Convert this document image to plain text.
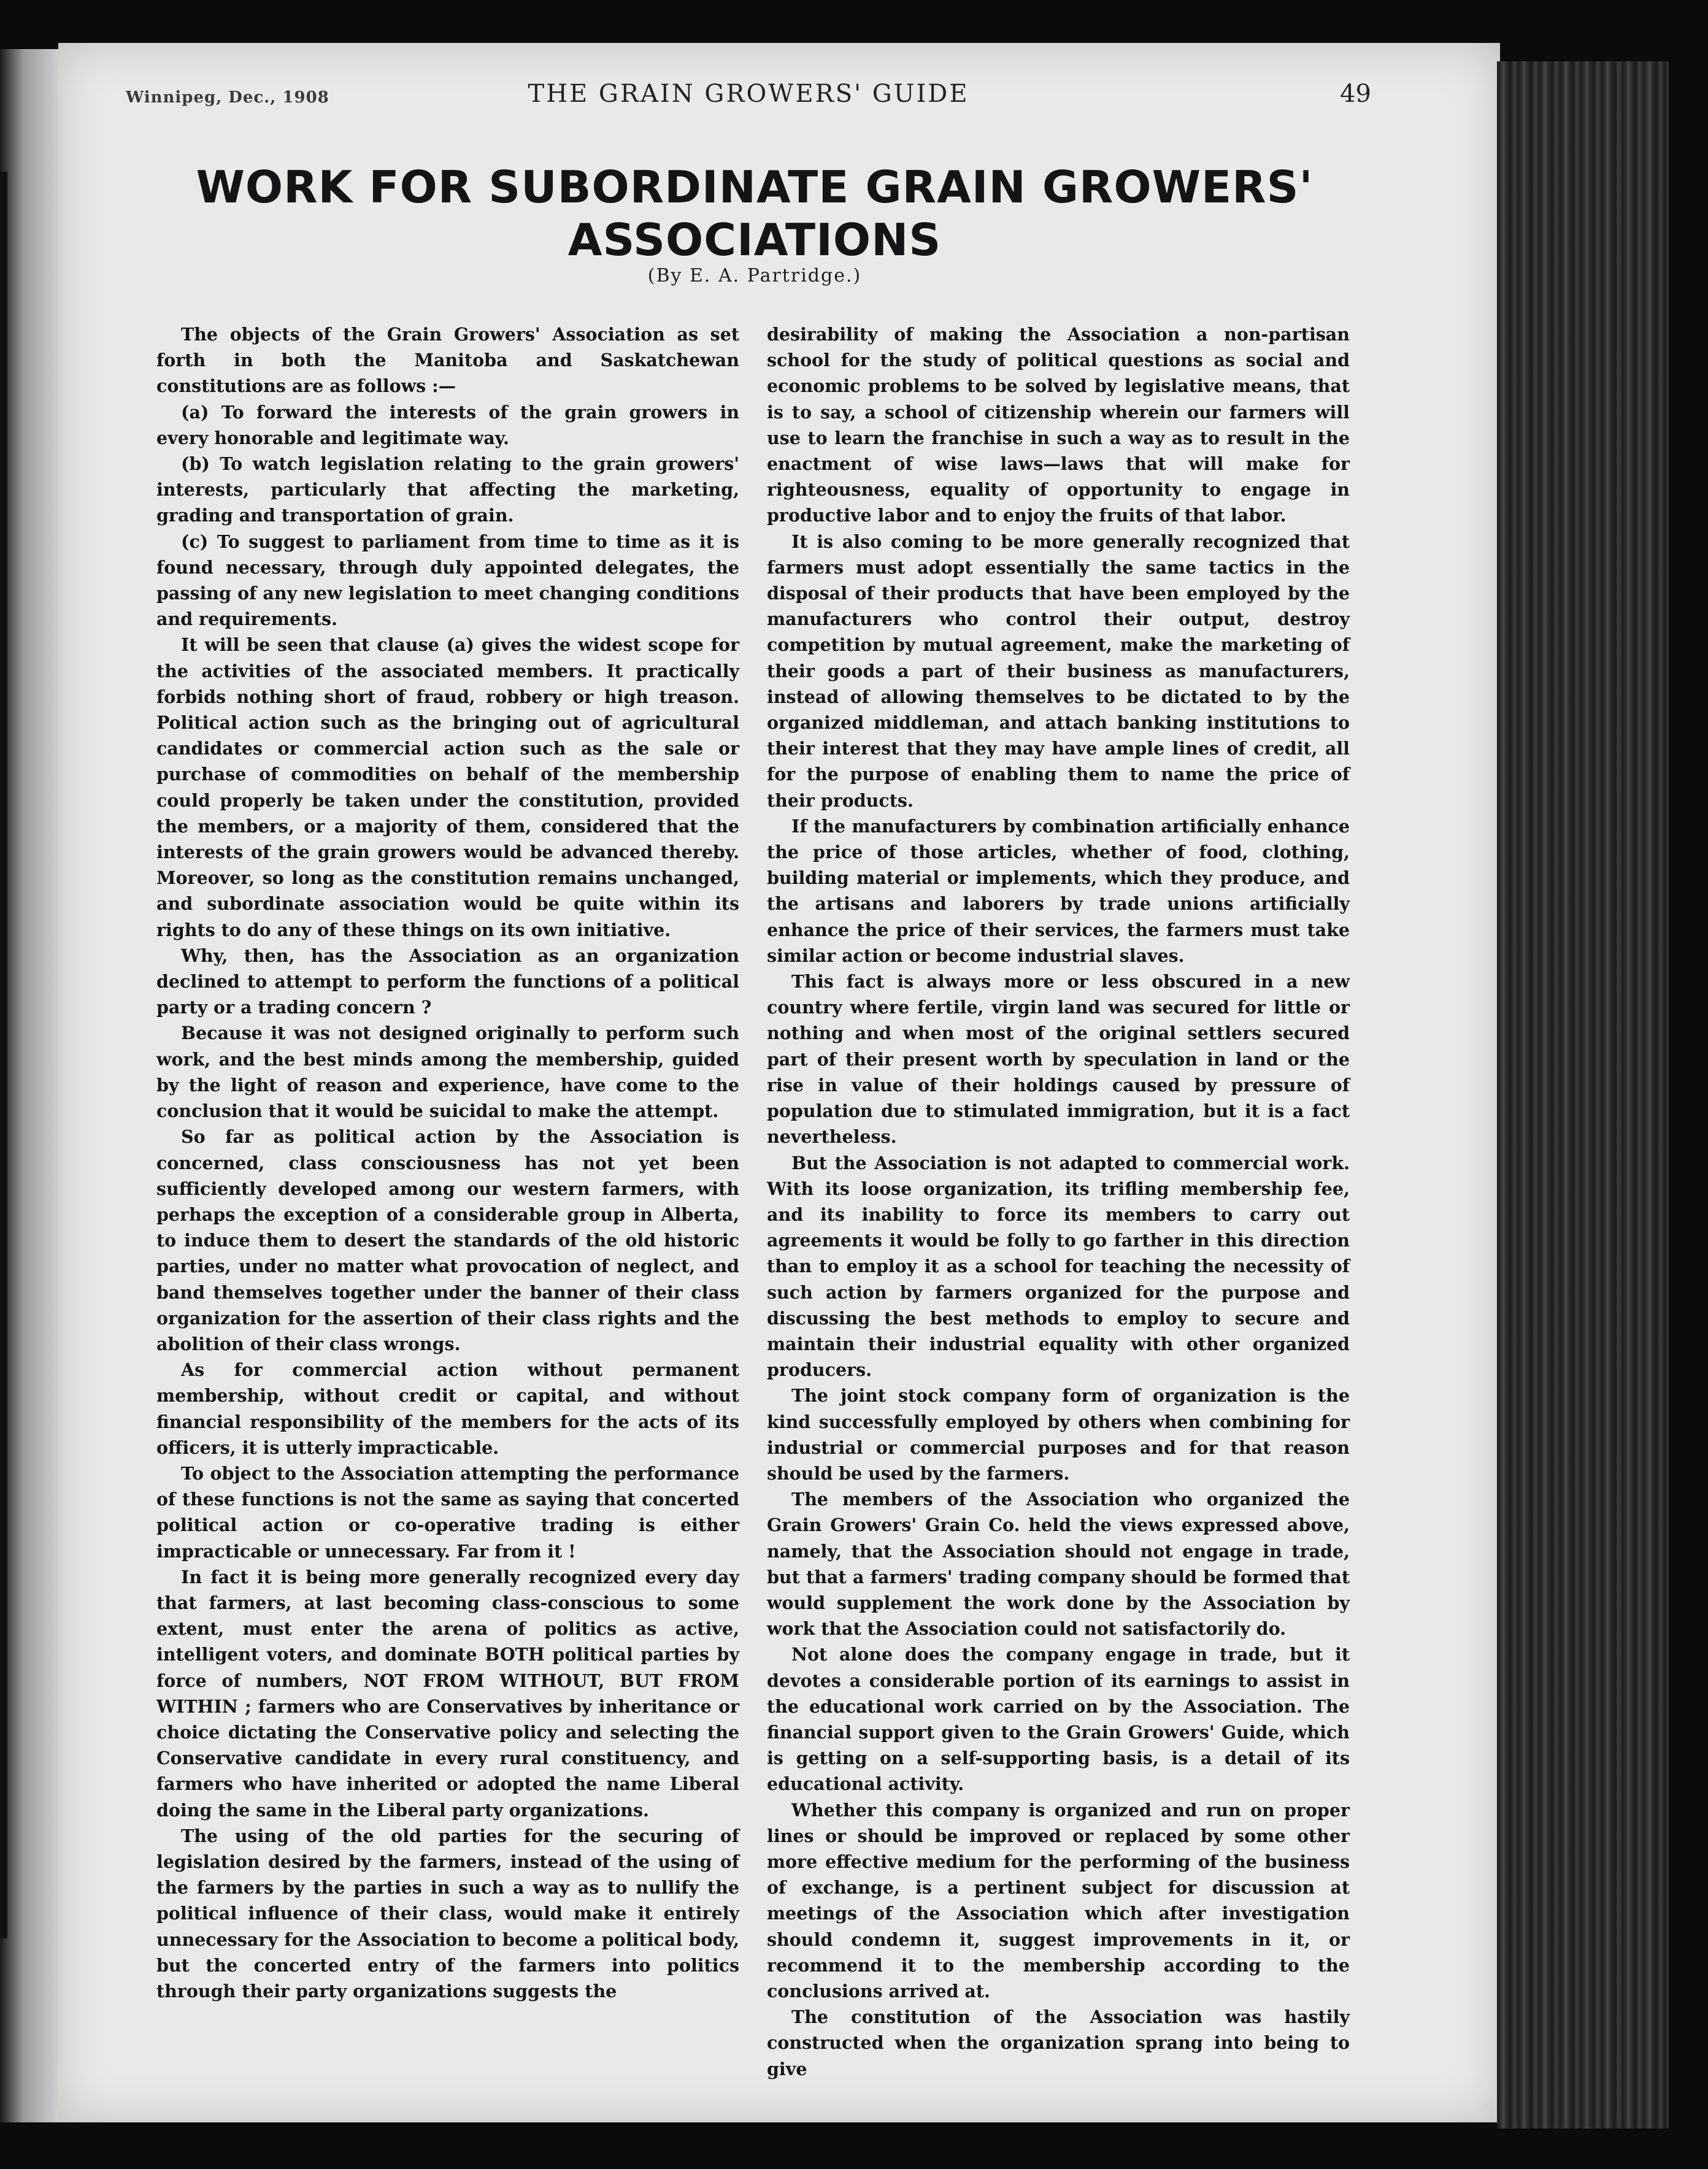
Winnipeg, Dec., 1908	THE GRAIN GROWERS' GUIDE	49
WORK FOR SUBORDINATE GRAIN GROWERS'
ASSOCIATIONS
(By E. A. Partridge.)

The objects of the Grain Growers' Association as set forth in both the Manitoba and Saskatchewan constitutions are as follows :—

(a) To forward the interests of the grain growers in every honorable and legitimate way.

(b) To watch legislation relating to the grain growers' interests, particularly that affecting the marketing, grading and transportation of grain.

(c) To suggest to parliament from time to time as it is found necessary, through duly appointed delegates, the passing of any new legislation to meet changing conditions and requirements.

It will be seen that clause (a) gives the widest scope for the activities of the associated members. It practically forbids nothing short of fraud, robbery or high treason. Political action such as the bringing out of agricultural candidates or commercial action such as the sale or purchase of commodities on behalf of the membership could properly be taken under the constitution, provided the members, or a majority of them, considered that the interests of the grain growers would be advanced thereby. Moreover, so long as the constitution remains unchanged, and subordinate association would be quite within its rights to do any of these things on its own initiative.

Why, then, has the Association as an organization declined to attempt to perform the functions of a political party or a trading concern ?

Because it was not designed originally to perform such work, and the best minds among the membership, guided by the light of reason and experience, have come to the conclusion that it would be suicidal to make the attempt.

So far as political action by the Association is concerned, class consciousness has not yet been sufficiently developed among our western farmers, with perhaps the exception of a considerable group in Alberta, to induce them to desert the standards of the old historic parties, under no matter what provocation of neglect, and band themselves together under the banner of their class organization for the assertion of their class rights and the abolition of their class wrongs.

As for commercial action without permanent membership, without credit or capital, and without financial responsibility of the members for the acts of its officers, it is utterly impracticable.

To object to the Association attempting the performance of these functions is not the same as saying that concerted political action or co-operative trading is either impracticable or unnecessary. Far from it !

In fact it is being more generally recognized every day that farmers, at last becoming class-conscious to some extent, must enter the arena of politics as active, intelligent voters, and dominate BOTH political parties by force of numbers, NOT FROM WITHOUT, BUT FROM WITHIN ; farmers who are Conservatives by inheritance or choice dictating the Conservative policy and selecting the Conservative candidate in every rural constituency, and farmers who have inherited or adopted the name Liberal doing the same in the Liberal party organizations.

The using of the old parties for the securing of legislation desired by the farmers, instead of the using of the farmers by the parties in such a way as to nullify the political influence of their class, would make it entirely unnecessary for the Association to become a political body, but the concerted entry of the farmers into politics through their party organizations suggests the

desirability of making the Association a non-partisan school for the study of political questions as social and economic problems to be solved by legislative means, that is to say, a school of citizenship wherein our farmers will use to learn the franchise in such a way as to result in the enactment of wise laws—laws that will make for righteousness, equality of opportunity to engage in productive labor and to enjoy the fruits of that labor.

It is also coming to be more generally recognized that farmers must adopt essentially the same tactics in the disposal of their products that have been employed by the manufacturers who control their output, destroy competition by mutual agreement, make the marketing of their goods a part of their business as manufacturers, instead of allowing themselves to be dictated to by the organized middleman, and attach banking institutions to their interest that they may have ample lines of credit, all for the purpose of enabling them to name the price of their products.

If the manufacturers by combination artificially enhance the price of those articles, whether of food, clothing, building material or implements, which they produce, and the artisans and laborers by trade unions artificially enhance the price of their services, the farmers must take similar action or become industrial slaves.

This fact is always more or less obscured in a new country where fertile, virgin land was secured for little or nothing and when most of the original settlers secured part of their present worth by speculation in land or the rise in value of their holdings caused by pressure of population due to stimulated immigration, but it is a fact nevertheless.

But the Association is not adapted to commercial work. With its loose organization, its trifling membership fee, and its inability to force its members to carry out agreements it would be folly to go farther in this direction than to employ it as a school for teaching the necessity of such action by farmers organized for the purpose and discussing the best methods to employ to secure and maintain their industrial equality with other organized producers.

The joint stock company form of organization is the kind successfully employed by others when combining for industrial or commercial purposes and for that reason should be used by the farmers.

The members of the Association who organized the Grain Growers' Grain Co. held the views expressed above, namely, that the Association should not engage in trade, but that a farmers' trading company should be formed that would supplement the work done by the Association by work that the Association could not satisfactorily do.

Not alone does the company engage in trade, but it devotes a considerable portion of its earnings to assist in the educational work carried on by the Association. The financial support given to the Grain Growers' Guide, which is getting on a self-supporting basis, is a detail of its educational activity.

Whether this company is organized and run on proper lines or should be improved or replaced by some other more effective medium for the performing of the business of exchange, is a pertinent subject for discussion at meetings of the Association which after investigation should condemn it, suggest improvements in it, or recommend it to the membership according to the conclusions arrived at.

The constitution of the Association was hastily constructed when the organization sprang into being to give
